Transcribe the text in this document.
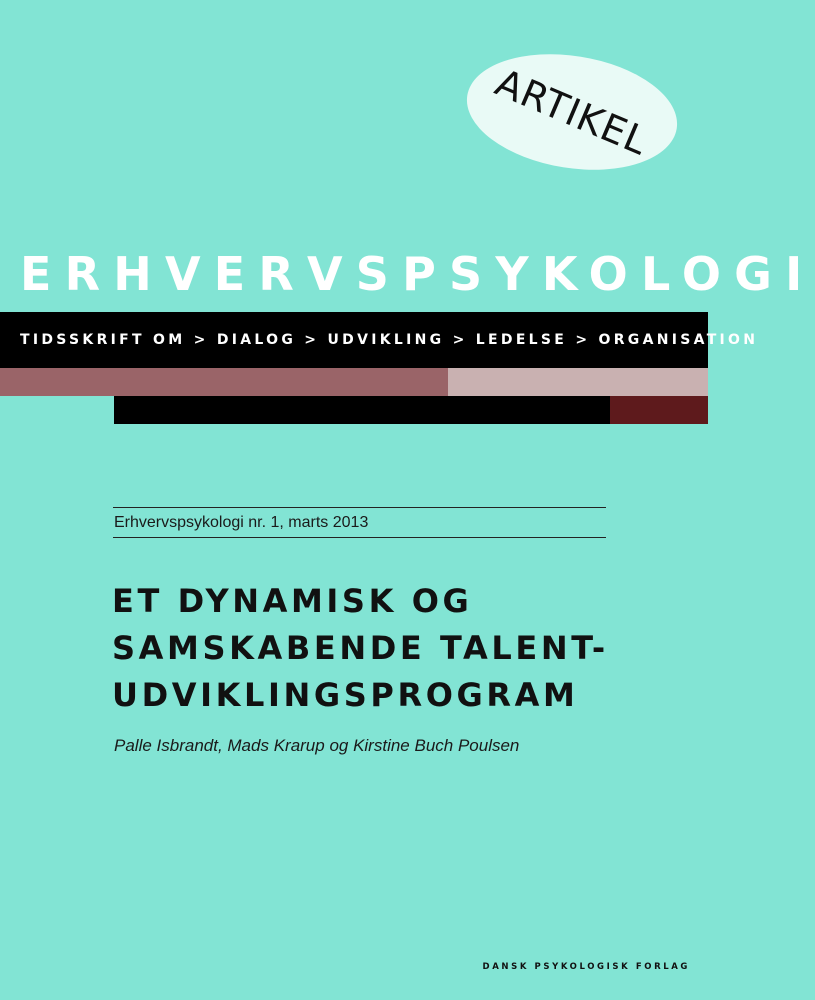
ARTIKEL
ERHVERVSPSYKOLOGI
TIDSSKRIFT OM > DIALOG > UDVIKLING > LEDELSE > ORGANISATION
Erhvervspsykologi nr. 1, marts 2013
ET DYNAMISK OG
SAMSKABENDE TALENT-
UDVIKLINGSPROGRAM
Palle Isbrandt, Mads Krarup og Kirstine Buch Poulsen
DANSK PSYKOLOGISK FORLAG
